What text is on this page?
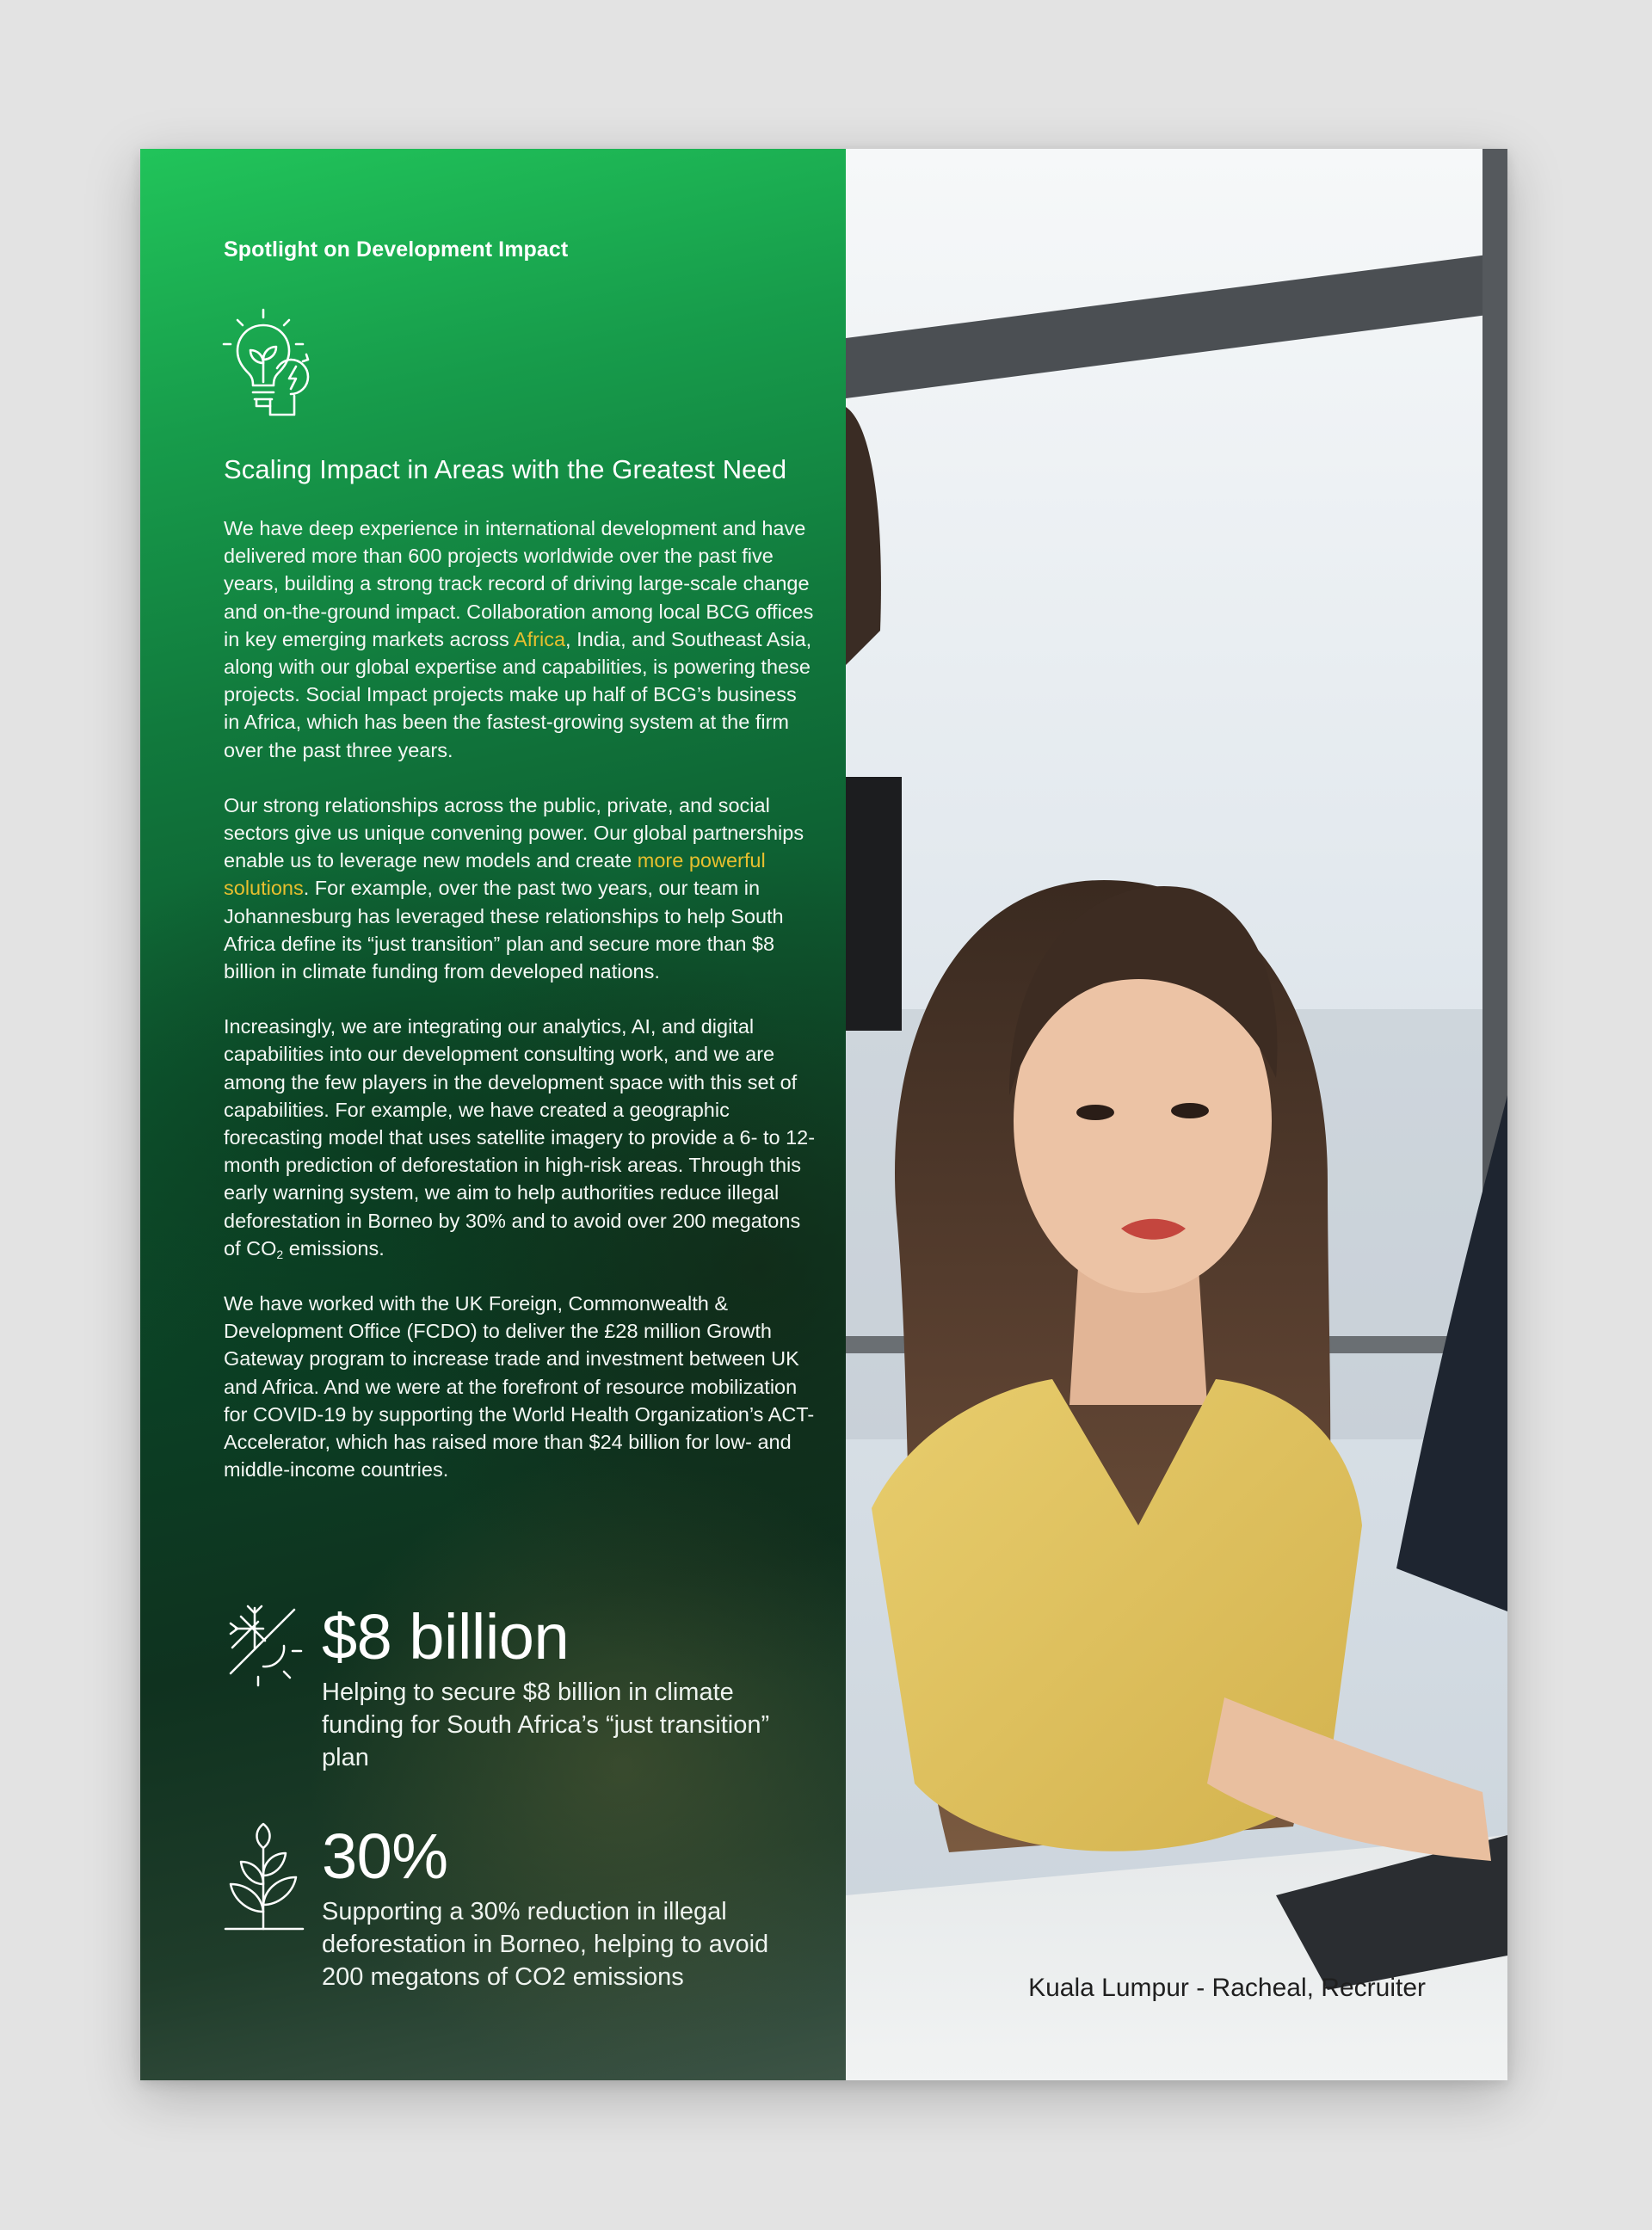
Spotlight on Development Impact
Scaling Impact in Areas with the Greatest Need

We have deep experience in international development and have delivered more than 600 projects worldwide over the past five years, building a strong track record of driving large-scale change and on-the-ground impact. Collaboration among local BCG offices in key emerging markets across Africa, India, and Southeast Asia, along with our global expertise and capabilities, is powering these projects. Social Impact projects make up half of BCG’s business in Africa, which has been the fastest-growing system at the firm over the past three years.

Our strong relationships across the public, private, and social sectors give us unique convening power. Our global partnerships enable us to leverage new models and create more powerful solutions. For example, over the past two years, our team in Johannesburg has leveraged these relationships to help South Africa define its “just transition” plan and secure more than $8 billion in climate funding from developed nations.

Increasingly, we are integrating our analytics, AI, and digital capabilities into our development consulting work, and we are among the few players in the development space with this set of capabilities. For example, we have created a geographic forecasting model that uses satellite imagery to provide a 6- to 12-month prediction of deforestation in high-risk areas. Through this early warning system, we aim to help authorities reduce illegal deforestation in Borneo by 30% and to avoid over 200 megatons of $CO_2$ emissions.

We have worked with the UK Foreign, Commonwealth & Development Office (FCDO) to deliver the £28 million Growth Gateway program to increase trade and investment between UK and Africa. And we were at the forefront of resource mobilization for COVID-19 by supporting the World Health Organization’s ACT-Accelerator, which has raised more than $24 billion for low- and middle-income countries.

$8 billion
Helping to secure $8 billion in climate funding for South Africa’s “just transition” plan
30%
Supporting a 30% reduction in illegal deforestation in Borneo, helping to avoid 200 megatons of CO2 emissions	Kuala Lumpur - Racheal, Recruiter
